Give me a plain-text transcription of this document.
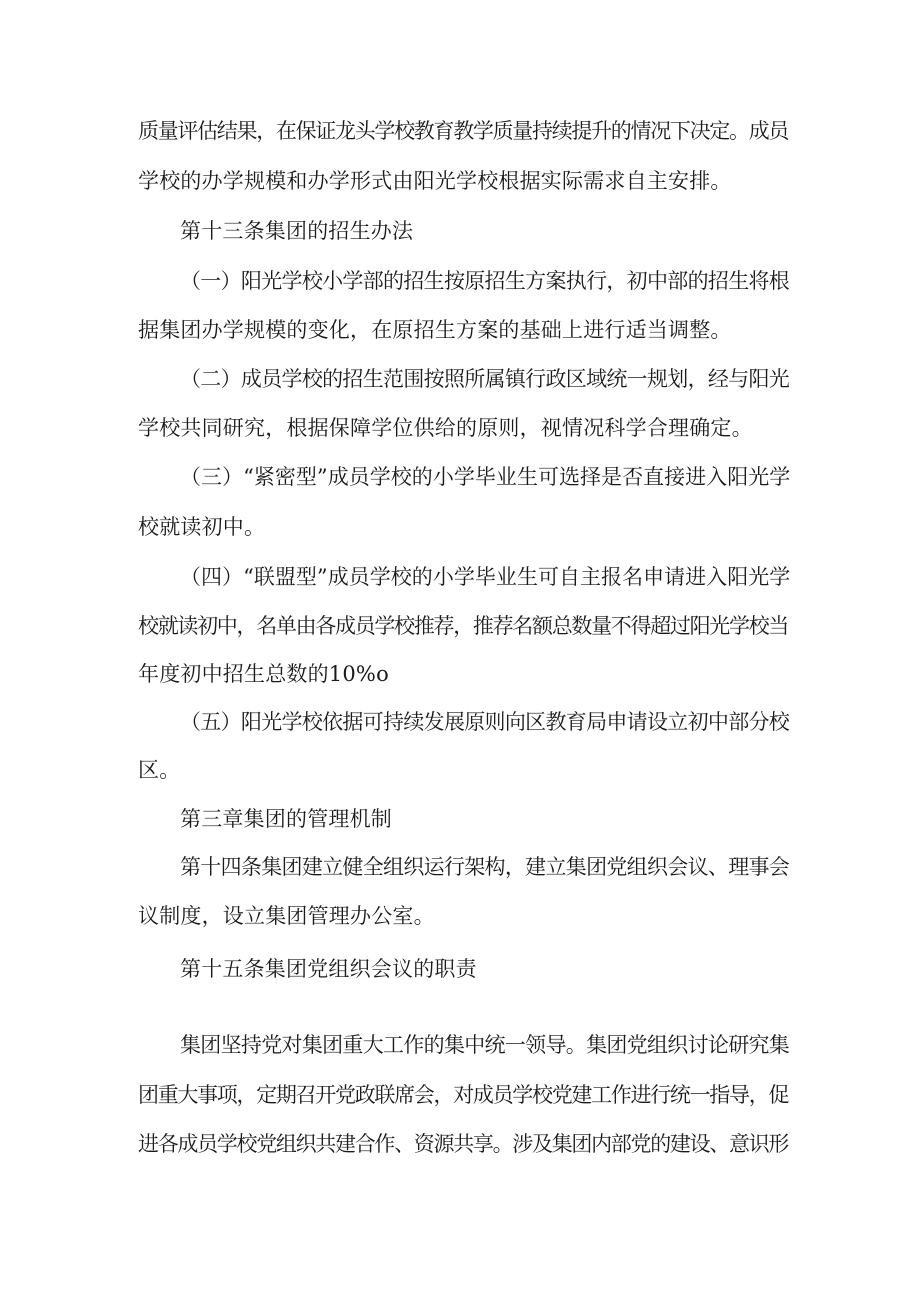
质量评估结果，在保证龙头学校教育教学质量持续提升的情况下决定。成员
学校的办学规模和办学形式由阳光学校根据实际需求自主安排。
第十三条集团的招生办法
（一）阳光学校小学部的招生按原招生方案执行，初中部的招生将根
据集团办学规模的变化，在原招生方案的基础上进行适当调整。
（二）成员学校的招生范围按照所属镇行政区域统一规划，经与阳光
学校共同研究，根据保障学位供给的原则，视情况科学合理确定。
（三）“紧密型”成员学校的小学毕业生可选择是否直接进入阳光学
校就读初中。
（四）“联盟型”成员学校的小学毕业生可自主报名申请进入阳光学
校就读初中，名单由各成员学校推荐，推荐名额总数量不得超过阳光学校当
年度初中招生总数的10%o
（五）阳光学校依据可持续发展原则向区教育局申请设立初中部分校
区。
第三章集团的管理机制
第十四条集团建立健全组织运行架构，建立集团党组织会议、理事会
议制度，设立集团管理办公室。
第十五条集团党组织会议的职责
集团坚持党对集团重大工作的集中统一领导。集团党组织讨论研究集
团重大事项，定期召开党政联席会，对成员学校党建工作进行统一指导，促
进各成员学校党组织共建合作、资源共享。涉及集团内部党的建设、意识形
